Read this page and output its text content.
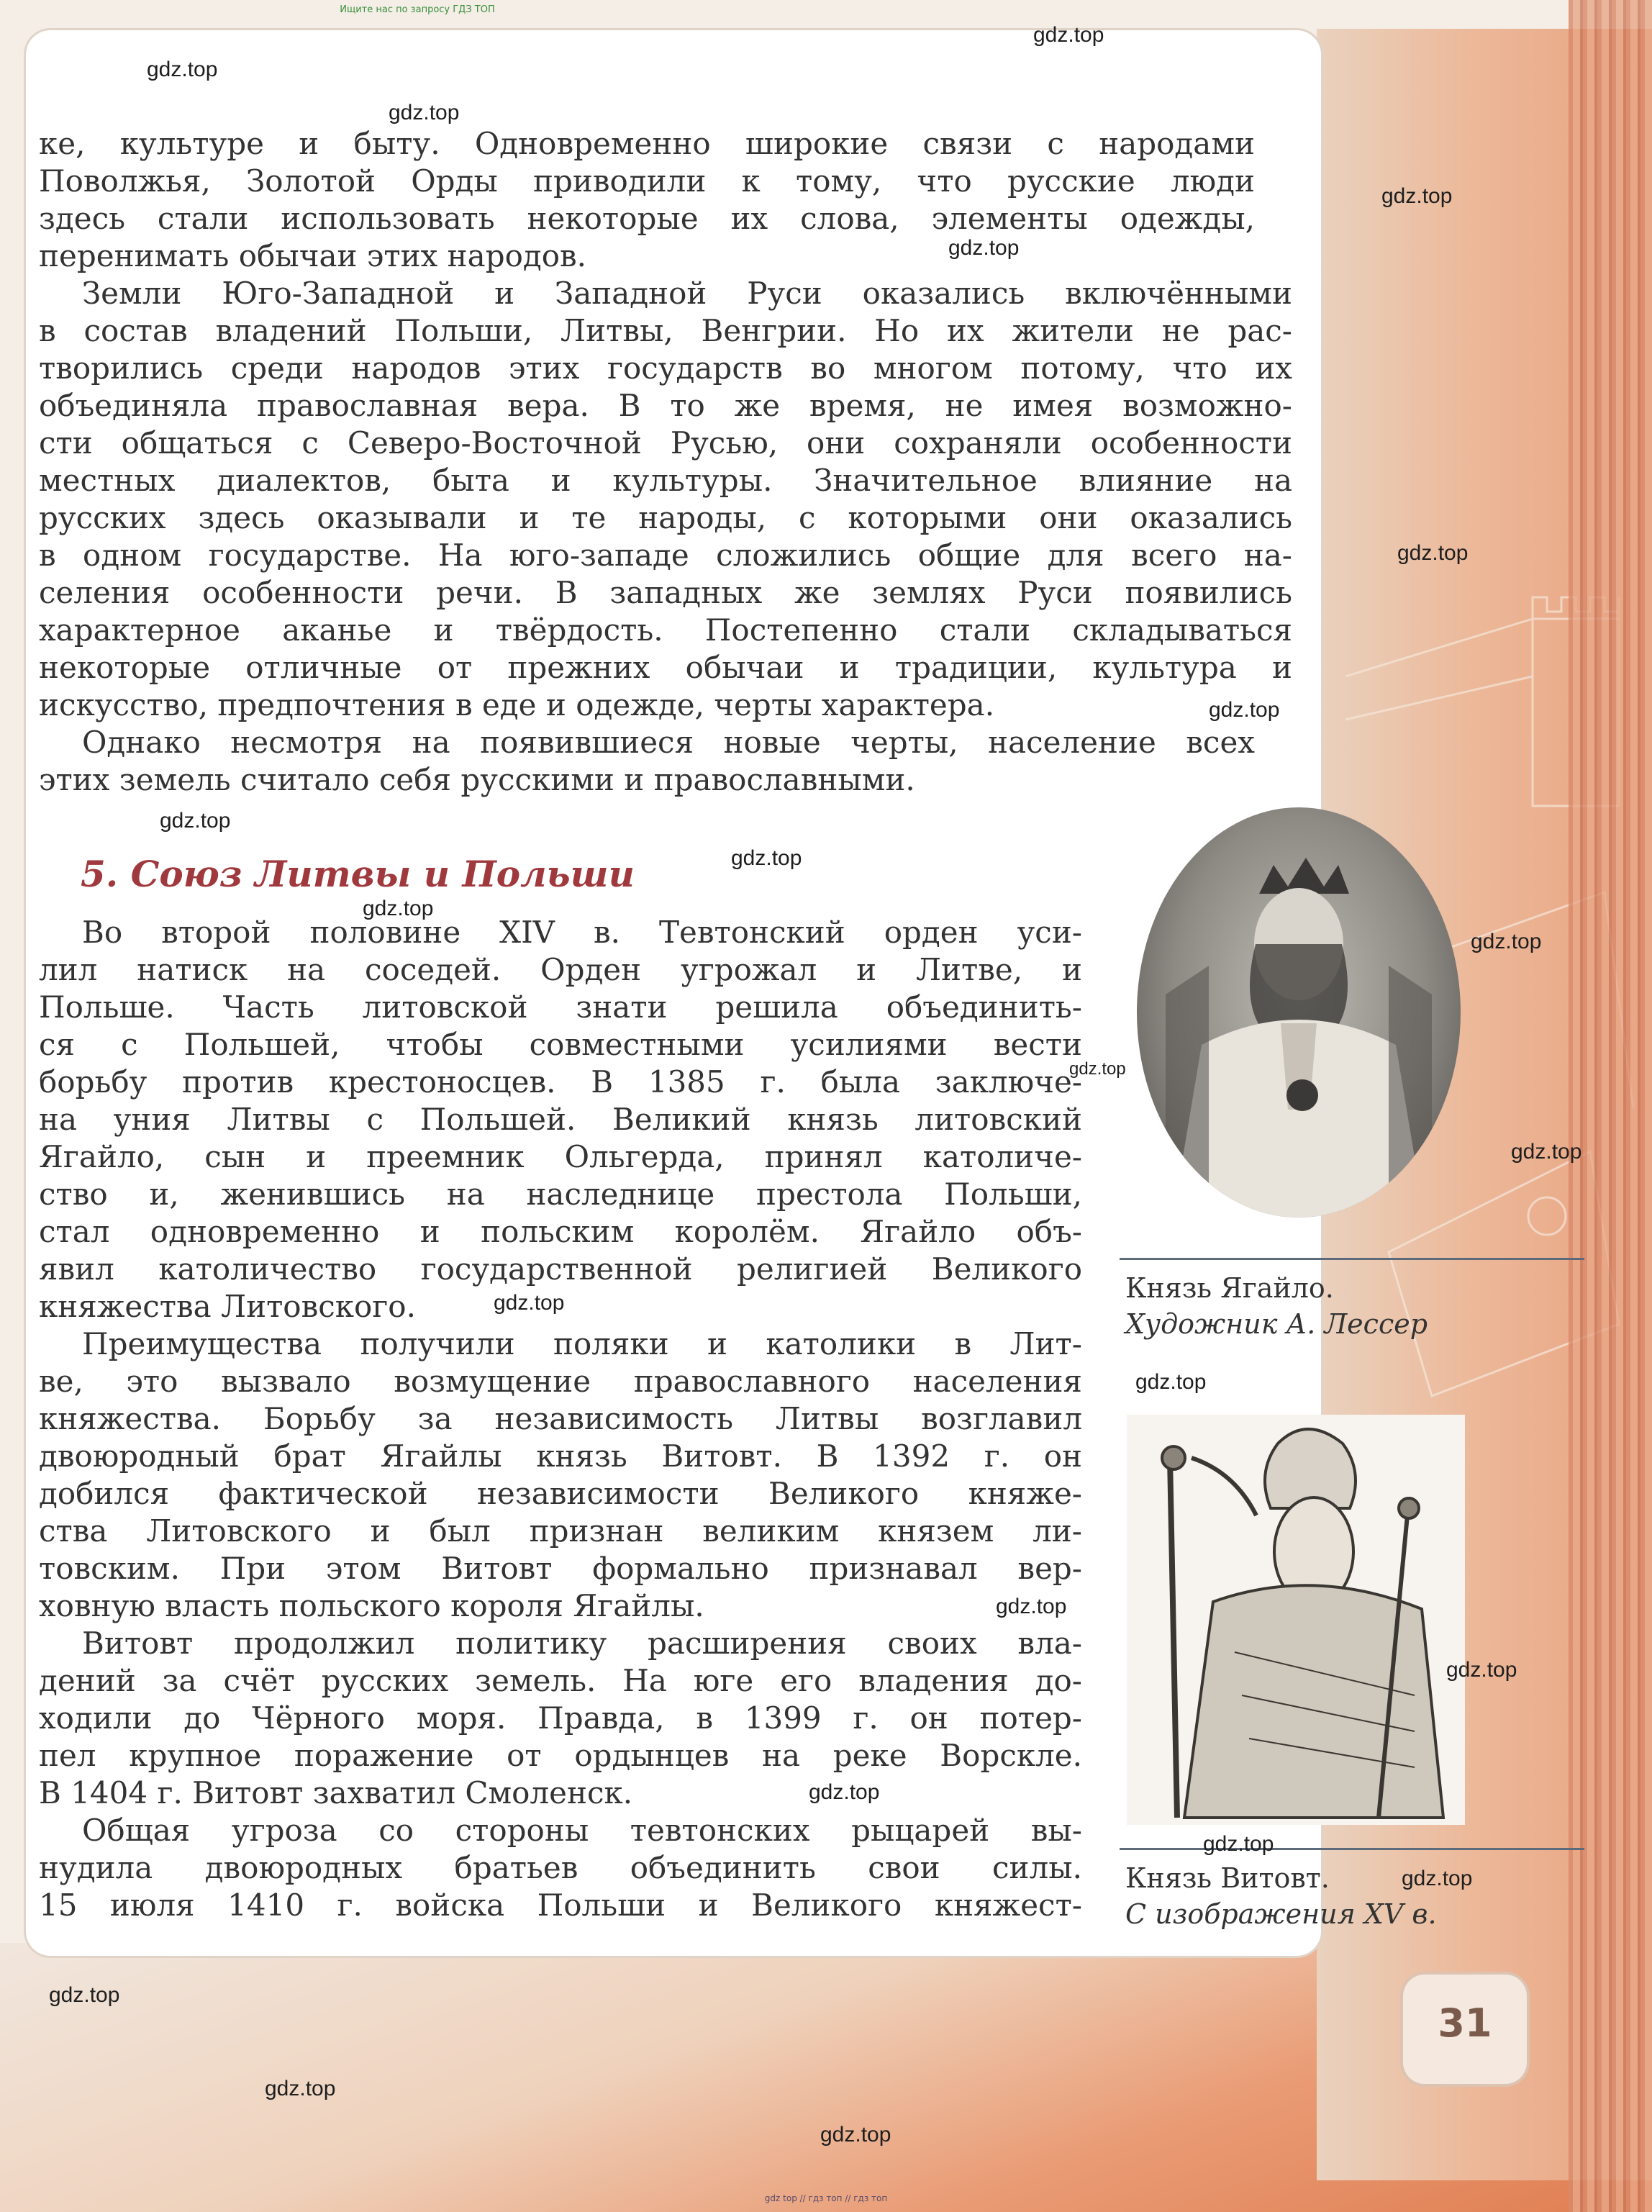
Ищите нас по запросу ГДЗ ТОП
ке, культуре и быту. Одновременно широкие связи с народами
Поволжья, Золотой Орды приводили к тому, что русские люди
здесь стали использовать некоторые их слова, элементы одежды,
перенимать обычаи этих народов.
Земли Юго-Западной и Западной Руси оказались включёнными
в состав владений Польши, Литвы, Венгрии. Но их жители не рас-
творились среди народов этих государств во многом потому, что их
объединяла православная вера. В то же время, не имея возможно-
сти общаться с Северо-Восточной Русью, они сохраняли особенности
местных диалектов, быта и культуры. Значительное влияние на
русских здесь оказывали и те народы, с которыми они оказались
в одном государстве. На юго-западе сложились общие для всего на-
селения особенности речи. В западных же землях Руси появились
характерное аканье и твёрдость. Постепенно стали складываться
некоторые отличные от прежних обычаи и традиции, культура и
искусство, предпочтения в еде и одежде, черты характера.
Однако несмотря на появившиеся новые черты, население всех
этих земель считало себя русскими и православными.
5. Союз Литвы и Польши
Во второй половине XIV в. Тевтонский орден уси-
лил натиск на соседей. Орден угрожал и Литве, и
Польше. Часть литовской знати решила объединить-
ся с Польшей, чтобы совместными усилиями вести
борьбу против крестоносцев. В 1385 г. была заключе-
на уния Литвы с Польшей. Великий князь литовский
Ягайло, сын и преемник Ольгерда, принял католиче-
ство и, женившись на наследнице престола Польши,
стал одновременно и польским королём. Ягайло объ-
явил католичество государственной религией Великого
княжества Литовского.
Преимущества получили поляки и католики в Лит-
ве, это вызвало возмущение православного населения
княжества. Борьбу за независимость Литвы возглавил
двоюродный брат Ягайлы князь Витовт. В 1392 г. он
добился фактической независимости Великого княже-
ства Литовского и был признан великим князем ли-
товским. При этом Витовт формально признавал вер-
ховную власть польского короля Ягайлы.
Витовт продолжил политику расширения своих вла-
дений за счёт русских земель. На юге его владения до-
ходили до Чёрного моря. Правда, в 1399 г. он потер-
пел крупное поражение от ордынцев на реке Ворскле.
В 1404 г. Витовт захватил Смоленск.
Общая угроза со стороны тевтонских рыцарей вы-
нудила двоюродных братьев объединить свои силы.
15 июля 1410 г. войска Польши и Великого княжест-
Князь Ягайло.
Художник А. Лессер
Князь Витовт.
С изображения XV в.
31
gdz.top
gdz.top
gdz.top
gdz.top
gdz.top
gdz.top
gdz.top
gdz.top
gdz.top
gdz.top
gdz.top
gdz.top
gdz.top
gdz.top
gdz.top
gdz.top
gdz.top
gdz.top
gdz.top
gdz.top
gdz.top
gdz.top
gdz.top
gdz top // гдз топ // гдз топ
